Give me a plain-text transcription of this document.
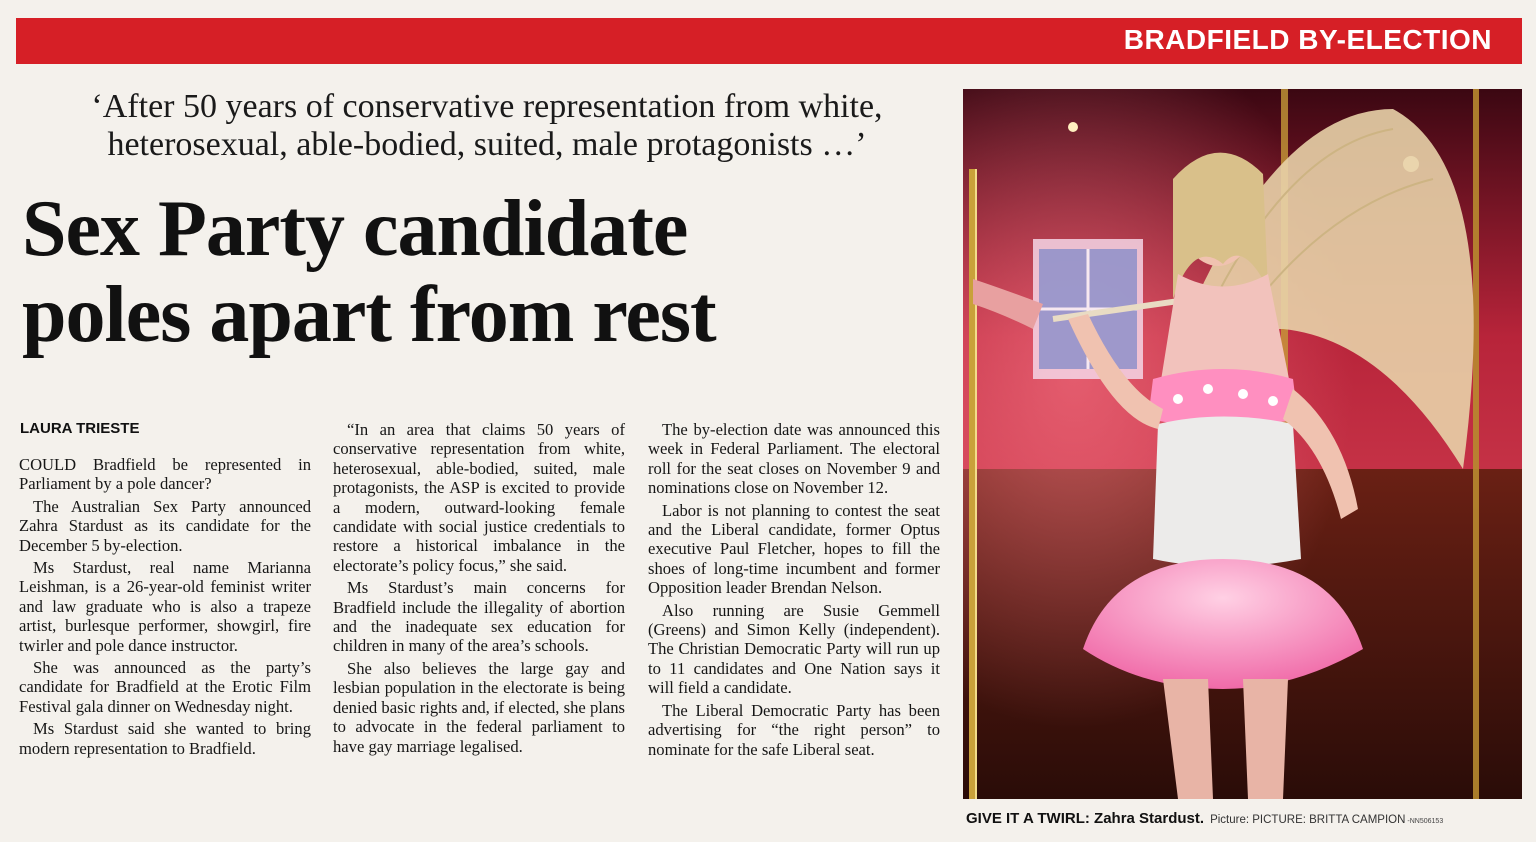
BRADFIELD BY-ELECTION
‘After 50 years of conservative representation from white,
heterosexual, able-bodied, suited, male protagonists …’
Sex Party candidate
poles apart from rest
LAURA TRIESTE

COULD Bradfield be represented in Parliament by a pole dancer?

The Australian Sex Party announced Zahra Stardust as its candidate for the December 5 by-election.

Ms Stardust, real name Marianna Leishman, is a 26-year-old feminist writer and law graduate who is also a trapeze artist, burlesque performer, showgirl, fire twirler and pole dance instructor.

She was announced as the party’s candidate for Bradfield at the Erotic Film Festival gala dinner on Wednesday night.

Ms Stardust said she wanted to bring modern representation to Bradfield.

“In an area that claims 50 years of conservative representation from white, heterosexual, able-bodied, suited, male protagonists, the ASP is excited to provide a modern, outward-looking female candidate with social justice credentials to restore a historical imbalance in the electorate’s policy focus,” she said.

Ms Stardust’s main concerns for Bradfield include the illegality of abortion and the inadequate sex education for children in many of the area’s schools.

She also believes the large gay and lesbian population in the electorate is being denied basic rights and, if elected, she plans to advocate in the federal parliament to have gay marriage legalised.

The by-election date was announced this week in Federal Parliament. The electoral roll for the seat closes on November 9 and nominations close on November 12.

Labor is not planning to contest the seat and the Liberal candidate, former Optus executive Paul Fletcher, hopes to fill the shoes of long-time incumbent and former Opposition leader Brendan Nelson.

Also running are Susie Gemmell (Greens) and Simon Kelly (independent). The Christian Democratic Party will run up to 11 candidates and One Nation says it will field a candidate.

The Liberal Democratic Party has been advertising for “the right person” to nominate for the safe Liberal seat.

GIVE IT A TWIRL: Zahra Stardust. Picture: PICTURE: BRITTA CAMPION -NN506153
